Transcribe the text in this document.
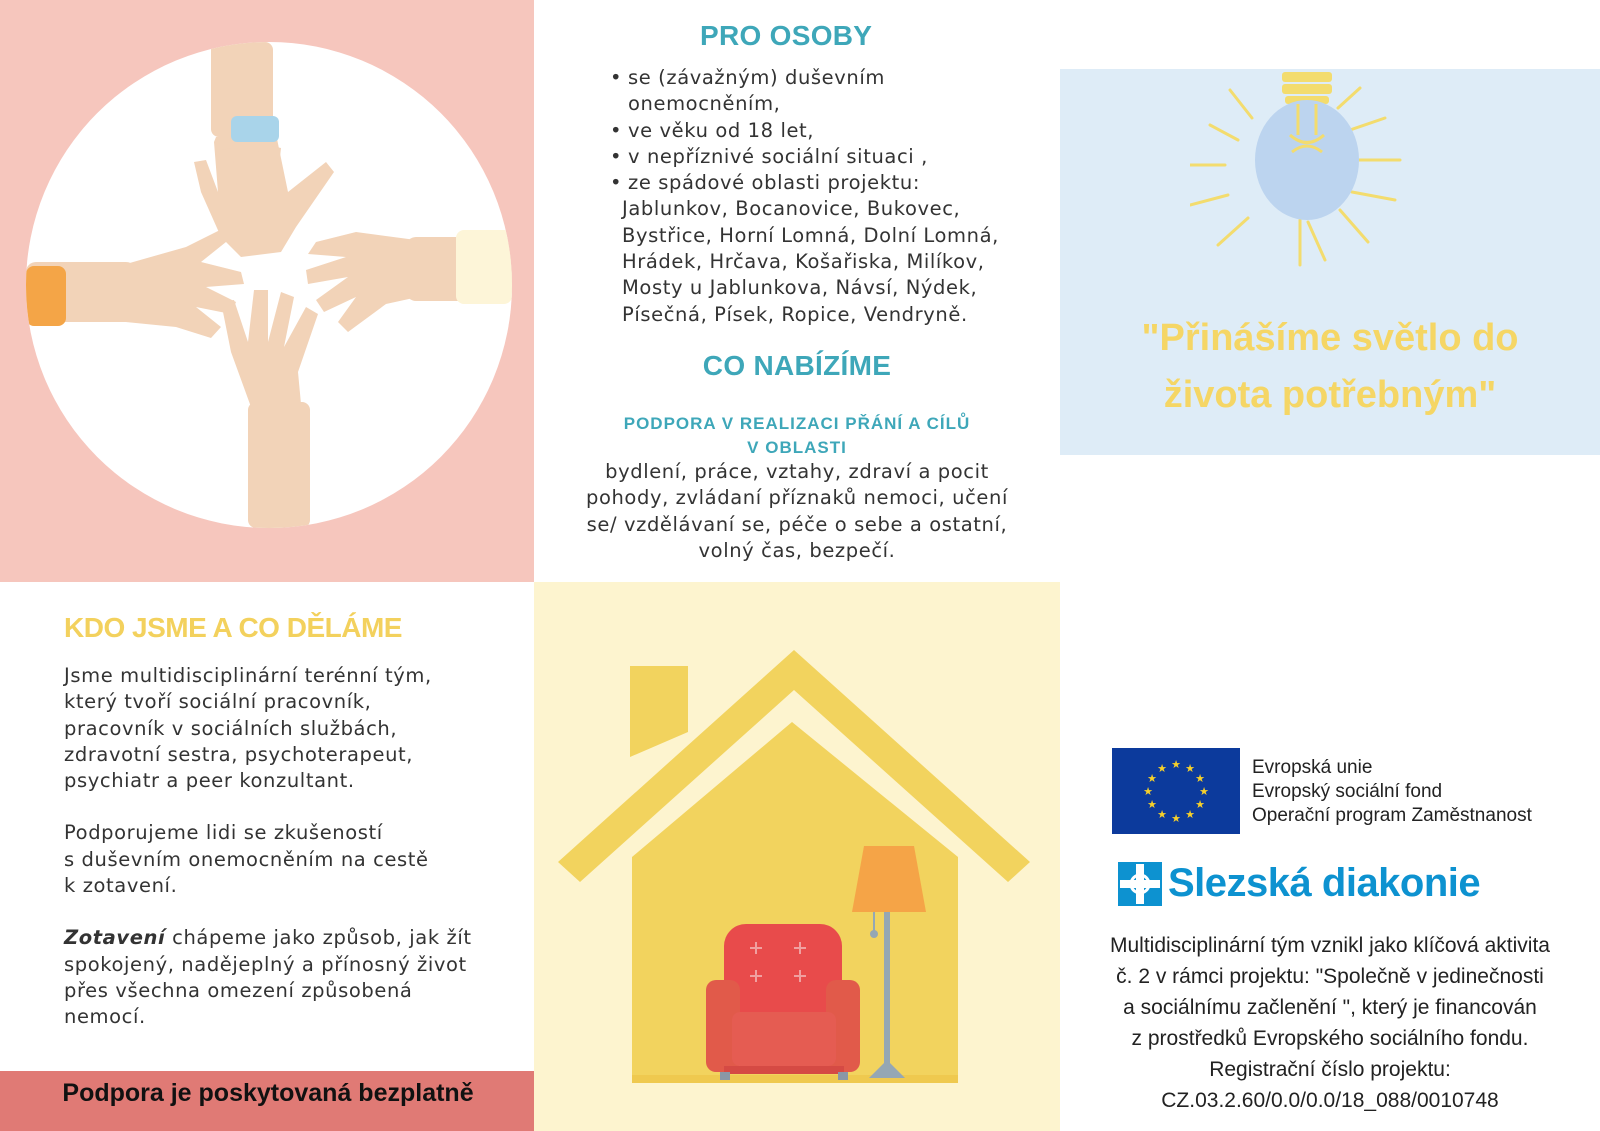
PRO OSOBY
• se (závažným) duševním onemocněním,
• ve věku od 18 let,
• v nepříznivé sociální situaci ,
• ze spádové oblasti projektu:
Jablunkov, Bocanovice, Bukovec,
Bystřice, Horní Lomná, Dolní Lomná,
Hrádek, Hrčava, Košařiska, Milíkov,
Mosty u Jablunkova, Návsí, Nýdek,
Písečná, Písek, Ropice, Vendryně.
CO NABÍZÍME
PODPORA V REALIZACI PŘÁNÍ A CÍLŮ
V OBLASTI
bydlení, práce, vztahy, zdraví a pocit
pohody, zvládaní příznaků nemoci, učení
se/ vzdělávaní se, péče o sebe a ostatní,
volný čas, bezpečí.
"Přinášíme světlo do
života potřebným"
KDO JSME A CO DĚLÁME
Jsme multidisciplinární terénní tým,
který tvoří sociální pracovník,
pracovník v sociálních službách,
zdravotní sestra, psychoterapeut,
psychiatr a peer konzultant.
Podporujeme lidi se zkušeností
s duševním onemocněním na cestě
k zotavení.
Zotavení chápeme jako způsob, jak žít
spokojený, nadějeplný a přínosný život
přes všechna omezení způsobená
nemocí.
Podpora je poskytovaná bezplatně
★ ★
★
★
★
★
★
★
★
★
★
★	Evropská unie
Evropský sociální fond
Operační program Zaměstnanost
Slezská diakonie
Multidisciplinární tým vznikl jako klíčová aktivita
č. 2 v rámci projektu: "Společně v jedinečnosti
a sociálnímu začlenění ", který je financován
z prostředků Evropského sociálního fondu.
Registrační číslo projektu:
CZ.03.2.60/0.0/0.0/18_088/0010748
